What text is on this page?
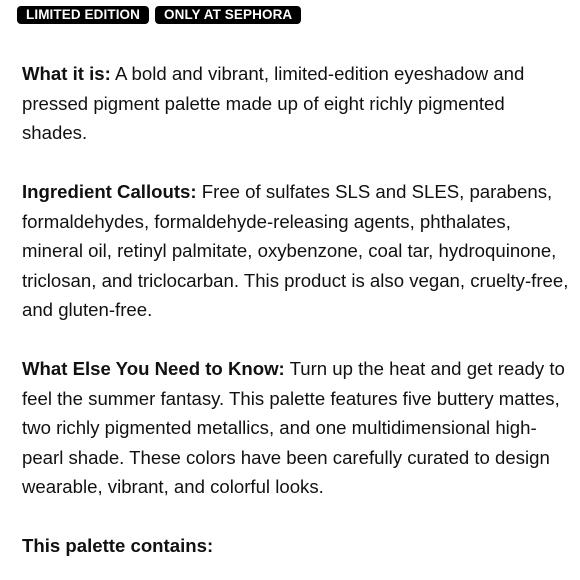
LIMITED EDITION	ONLY AT SEPHORA

What it is: A bold and vibrant, limited-edition eyeshadow and pressed pigment palette made up of eight richly pigmented shades.

Ingredient Callouts: Free of sulfates SLS and SLES, parabens, formaldehydes, formaldehyde-releasing agents, phthalates, mineral oil, retinyl palmitate, oxybenzone, coal tar, hydroquinone, triclosan, and triclocarban. This product is also vegan, cruelty-free, and gluten-free.

What Else You Need to Know: Turn up the heat and get ready to feel the summer fantasy. This palette features five buttery mattes, two richly pigmented metallics, and one multidimensional high-pearl shade. These colors have been carefully curated to design wearable, vibrant, and colorful looks.

This palette contains:
